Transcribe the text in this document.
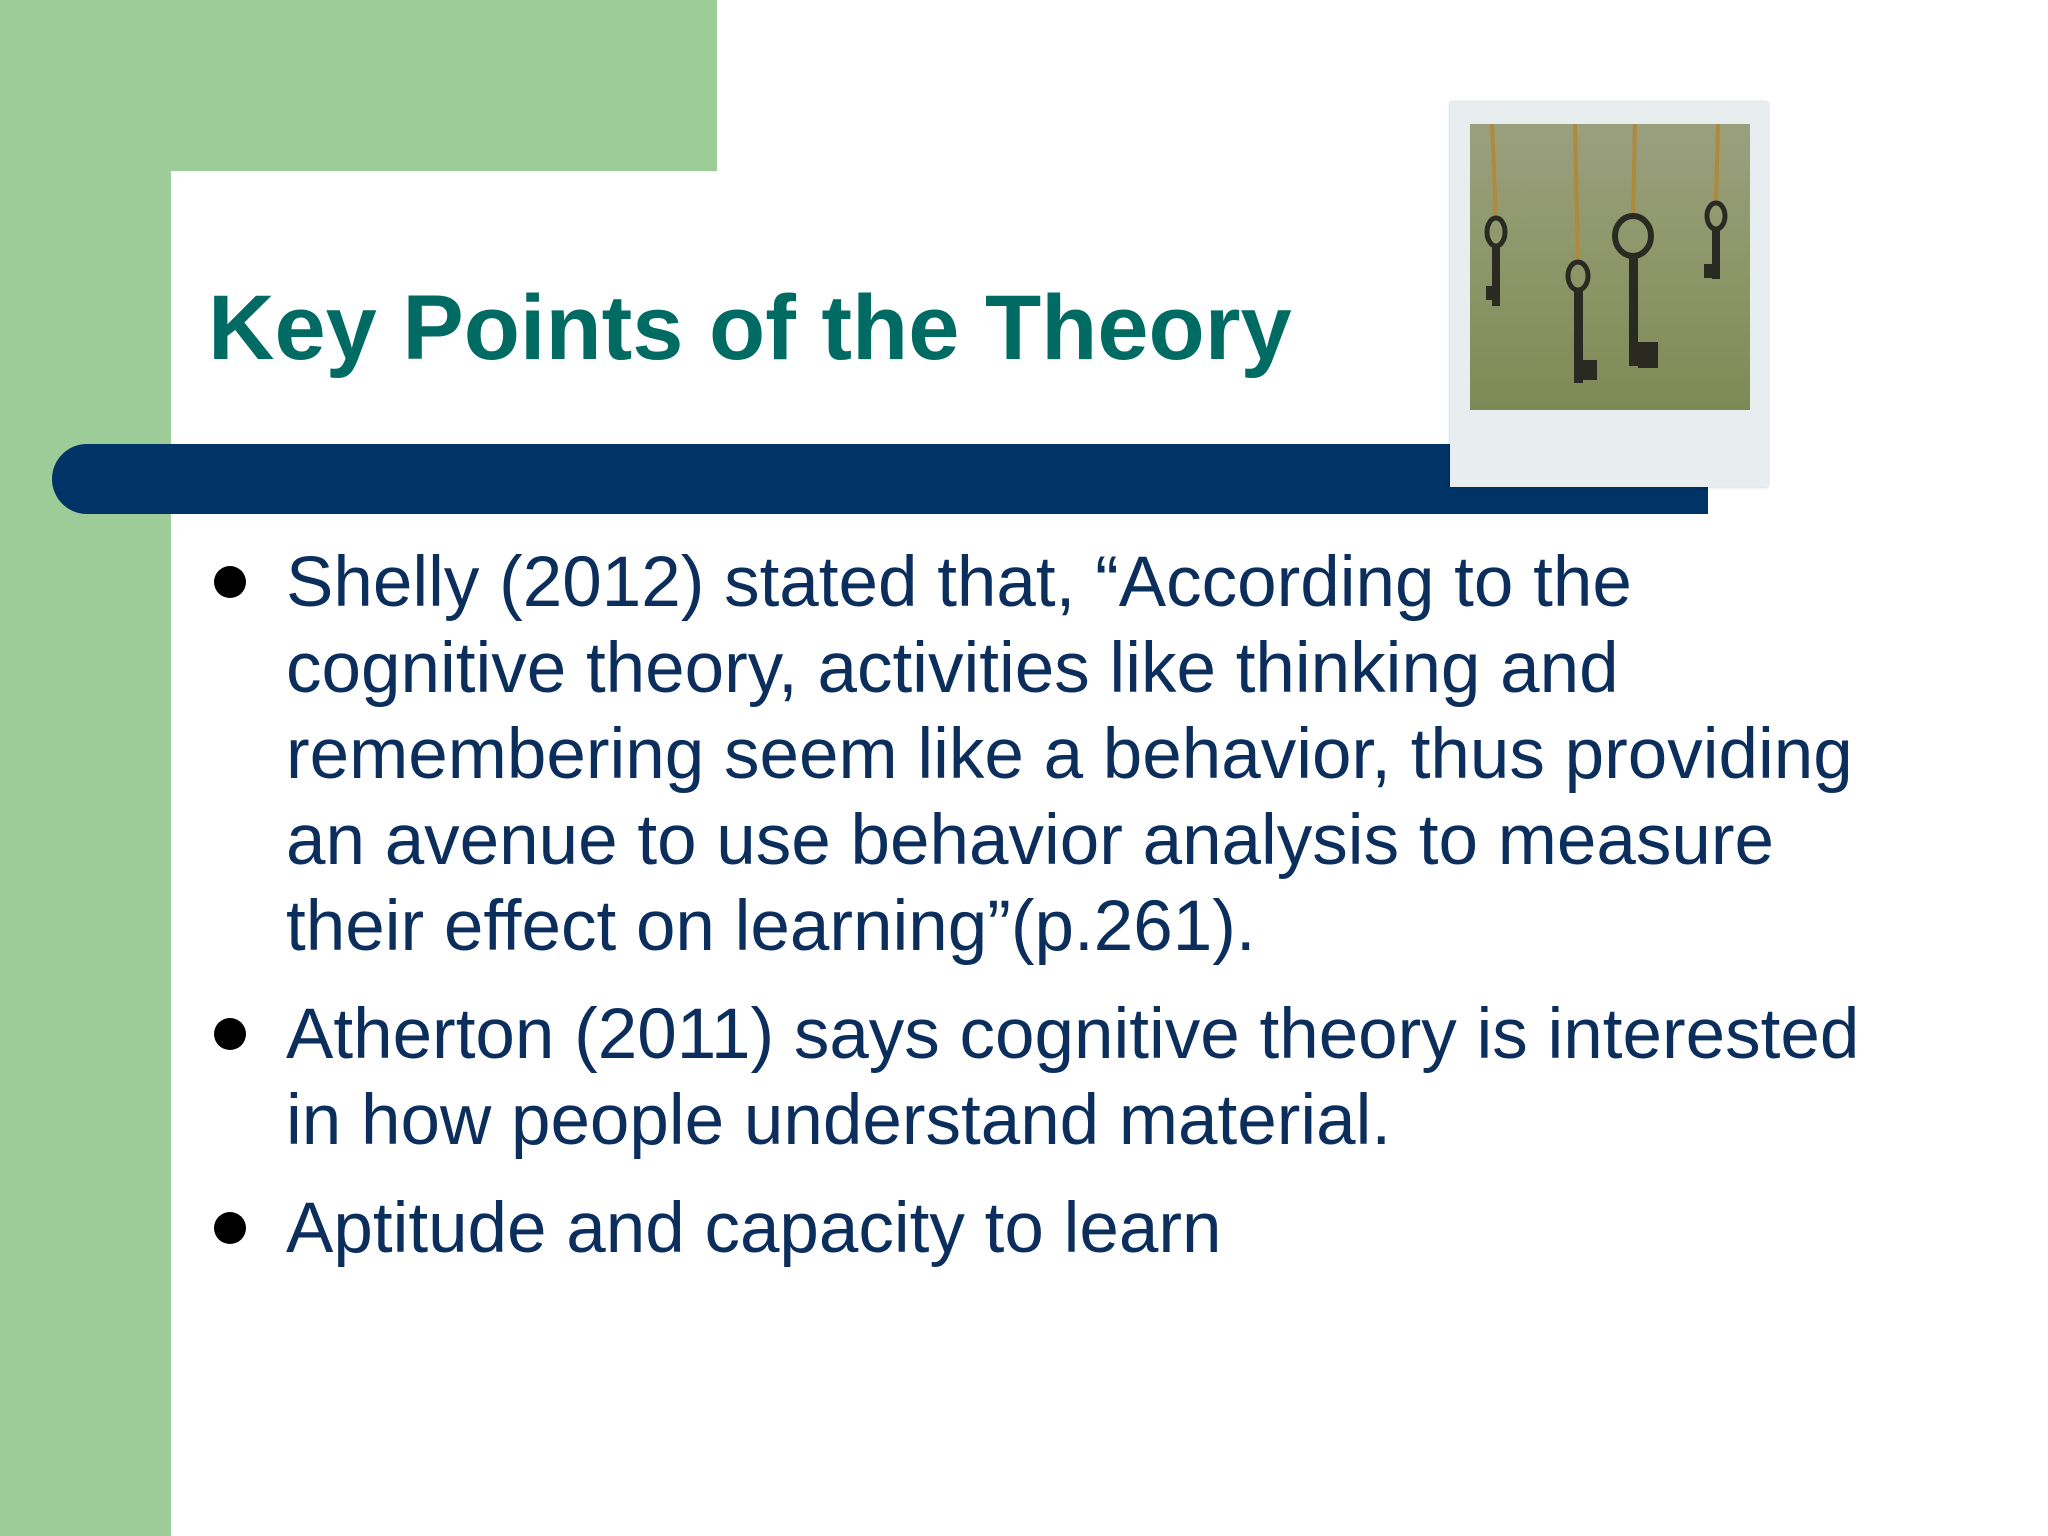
Key Points of the Theory
Shelly (2012) stated that, “According to the cognitive theory, activities like thinking and remembering seem like a behavior, thus providing an avenue to use behavior analysis to measure their effect on learning”(p.261).
Atherton (2011) says cognitive theory is interested in how people understand material.
Aptitude and capacity to learn
